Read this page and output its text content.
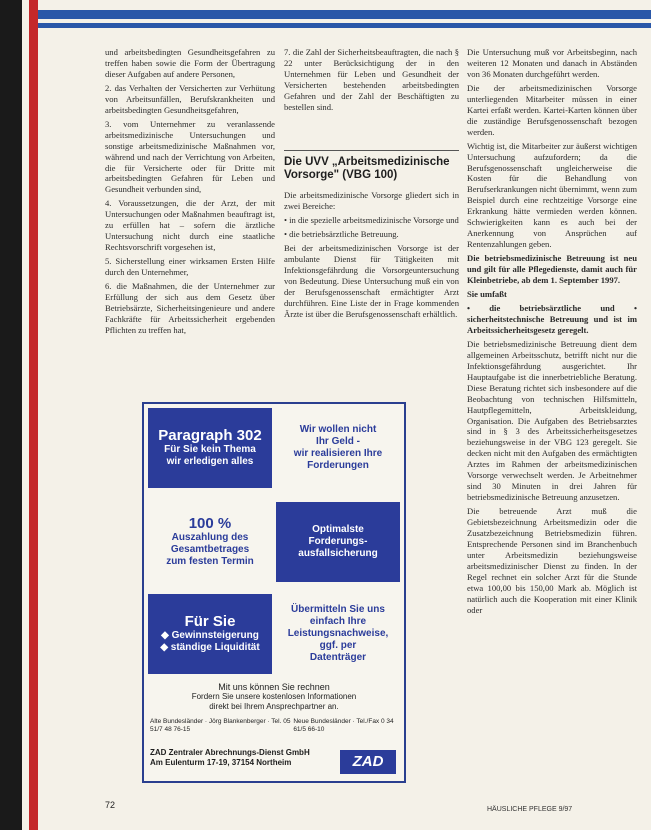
und arbeitsbedingten Gesundheitsgefahren zu treffen haben sowie die Form der Übertragung dieser Aufgaben auf andere Personen,

2. das Verhalten der Versicherten zur Verhütung von Arbeitsunfällen, Berufskrankheiten und arbeitsbedingten Gesundheitsgefahren,

3. vom Unternehmer zu veranlassende arbeitsmedizinische Untersuchungen und sonstige arbeitsmedizinische Maßnahmen vor, während und nach der Verrichtung von Arbeiten, die für Versicherte oder für Dritte mit arbeitsbedingten Gefahren für Leben und Gesundheit verbunden sind,

4. Voraussetzungen, die der Arzt, der mit Untersuchungen oder Maßnahmen beauftragt ist, zu erfüllen hat – sofern die ärztliche Untersuchung nicht durch eine staatliche Rechtsvorschrift vorgesehen ist,

5. Sicherstellung einer wirksamen Ersten Hilfe durch den Unternehmer,

6. die Maßnahmen, die der Unternehmer zur Erfüllung der sich aus dem Gesetz über Betriebsärzte, Sicherheitsingenieure und andere Fachkräfte für Arbeitssicherheit ergebenden Pflichten zu treffen hat,

7. die Zahl der Sicherheitsbeauftragten, die nach § 22 unter Berücksichtigung der in den Unternehmen für Leben und Gesundheit der Versicherten bestehenden arbeitsbedingten Gefahren und der Zahl der Beschäftigten zu bestellen sind.

Die UVV „Arbeitsmedizinische Vorsorge" (VBG 100)

Die arbeitsmedizinische Vorsorge gliedert sich in zwei Bereiche:

• in die spezielle arbeitsmedizinische Vorsorge und

• die betriebsärztliche Betreuung.

Bei der arbeitsmedizinischen Vorsorge ist der ambulante Dienst für Tätigkeiten mit Infektionsgefährdung die Vorsorgeuntersuchung von Bedeutung. Diese Untersuchung muß ein von der Berufsgenossenschaft ermächtigter Arzt durchführen. Eine Liste der in Frage kommenden Ärzte ist über die Berufsgenossenschaft erhältlich.

Die Untersuchung muß vor Arbeitsbeginn, nach weiteren 12 Monaten und danach in Abständen von 36 Monaten durchgeführt werden.

Die der arbeitsmedizinischen Vorsorge unterliegenden Mitarbeiter müssen in einer Kartei erfaßt werden. Kartei-Karten können über die zuständige Berufsgenossenschaft bezogen werden.

Wichtig ist, die Mitarbeiter zur äußerst wichtigen Untersuchung aufzufordern; da die Berufsgenossenschaft ungleicherweise die Kosten für die Behandlung von Berufserkrankungen nicht übernimmt, wenn zum Beispiel durch eine rechtzeitige Vorsorge eine Erkrankung hätte vermieden werden können. Schwierigkeiten kann es auch bei der Anerkennung von Ansprüchen auf Rentenzahlungen geben.

Die betriebsmedizinische Betreuung ist neu und gilt für alle Pflegedienste, damit auch für Kleinbetriebe, ab dem 1. September 1997.

Sie umfaßt

• die betriebsärztliche und • sicherheitstechnische Betreuung und ist im Arbeitssicherheitsgesetz geregelt.

Die betriebsmedizinische Betreuung dient dem allgemeinen Arbeitsschutz, betrifft nicht nur die Infektionsgefährdung ausgerichtet. Ihr Hauptaufgabe ist die innerbetriebliche Beratung. Diese Beratung richtet sich insbesondere auf die Beobachtung von technischen Hilfsmitteln, Hautpflegemitteln, Arbeitskleidung, Organisation. Die Aufgaben des Betriebsarztes sind in § 3 des Arbeitssicherheitsgesetzes beziehungsweise in der VBG 123 geregelt. Sie decken nicht mit den Aufgaben des ermächtigten Arztes im Rahmen der arbeitsmedizinischen Vorsorge verwechselt werden. Je Arbeitnehmer sind 30 Minuten in drei Jahren für betriebsmedizinische Betreuung anzusetzen.

Die betreuende Arzt muß die Gebietsbezeichnung Arbeitsmedizin oder die Zusatzbezeichnung Betriebsmedizin führen. Entsprechende Personen sind im Branchenbuch unter Arbeitsmedizin beziehungsweise arbeitsmedizinischer Dienst zu finden. In der Regel rechnet ein solcher Arzt für die Stunde etwa 100,00 bis 150,00 Mark ab. Möglich ist natürlich auch die Kooperation mit einer Klinik oder

Paragraph 302
Für Sie kein Thema
wir erledigen alles
Wir wollen nicht
Ihr Geld -
wir realisieren Ihre
Forderungen
100 %
Auszahlung des
Gesamtbetrages
zum festen Termin
Optimalste
Forderungs-
ausfallsicherung
Für Sie
◆ Gewinnsteigerung
◆ ständige Liquidität
Übermitteln Sie uns
einfach Ihre
Leistungsnachweise,
ggf. per
Datenträger
Mit uns können Sie rechnen
Fordern Sie unsere kostenlosen Informationen
direkt bei Ihrem Ansprechpartner an.
Alte Bundesländer · Jörg Blankenberger · Tel. 05 51/7 48 76-15
Neue Bundesländer · Tel./Fax 0 34 61/5 66-10
ZAD Zentraler Abrechnungs-Dienst GmbH
Am Eulenturm 17-19, 37154 Northeim	ZAD
72	HÄUSLICHE PFLEGE 9/97
